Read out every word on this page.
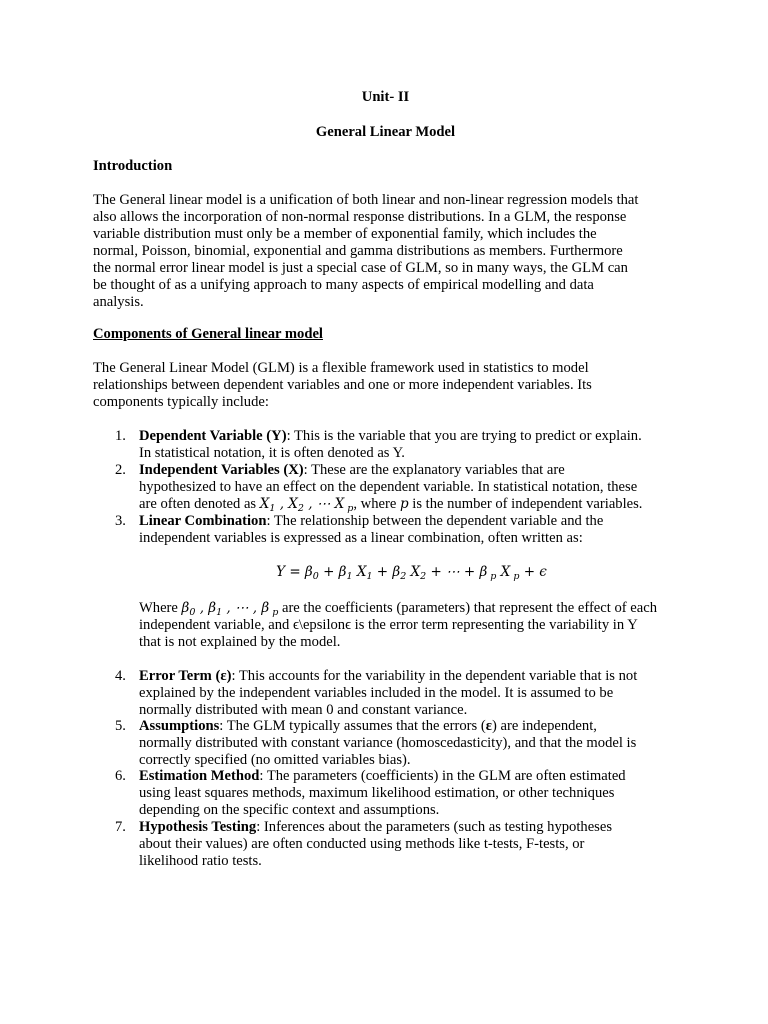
Unit- II
General Linear Model
Introduction
The General linear model is a unification of both linear and non-linear regression models that
also allows the incorporation of non-normal response distributions. In a GLM, the response
variable distribution must only be a member of exponential family, which includes the
normal, Poisson, binomial, exponential and gamma distributions as members. Furthermore
the normal error linear model is just a special case of GLM, so in many ways, the GLM can
be thought of as a unifying approach to many aspects of empirical modelling and data
analysis.
Components of General linear model
The General Linear Model (GLM) is a flexible framework used in statistics to model
relationships between dependent variables and one or more independent variables. Its
components typically include:
1. Dependent Variable (Y): This is the variable that you are trying to predict or explain.
In statistical notation, it is often denoted as Y.
2. Independent Variables (X): These are the explanatory variables that are
hypothesized to have an effect on the dependent variable. In statistical notation, these
are often denoted as $X_1$ , $X_2$ , ⋯ X $_p$, where p is the number of independent variables.
3. Linear Combination: The relationship between the dependent variable and the
independent variables is expressed as a linear combination, often written as:
$Y = \beta_0 + \beta_1$ $X_1 + \beta_2$ $X_2$ + ⋯ + β $_p$ X $_p$ + ϵ
Where $\beta_0$ , $\beta_1$ , ⋯ , β $_p$ are the coefficients (parameters) that represent the effect of each
independent variable, and ϵ\epsilonϵ is the error term representing the variability in Y
that is not explained by the model.
4. Error Term (ε): This accounts for the variability in the dependent variable that is not
explained by the independent variables included in the model. It is assumed to be
normally distributed with mean 0 and constant variance.
5. Assumptions: The GLM typically assumes that the errors (ε) are independent,
normally distributed with constant variance (homoscedasticity), and that the model is
correctly specified (no omitted variables bias).
6. Estimation Method: The parameters (coefficients) in the GLM are often estimated
using least squares methods, maximum likelihood estimation, or other techniques
depending on the specific context and assumptions.
7. Hypothesis Testing: Inferences about the parameters (such as testing hypotheses
about their values) are often conducted using methods like t-tests, F-tests, or
likelihood ratio tests.
